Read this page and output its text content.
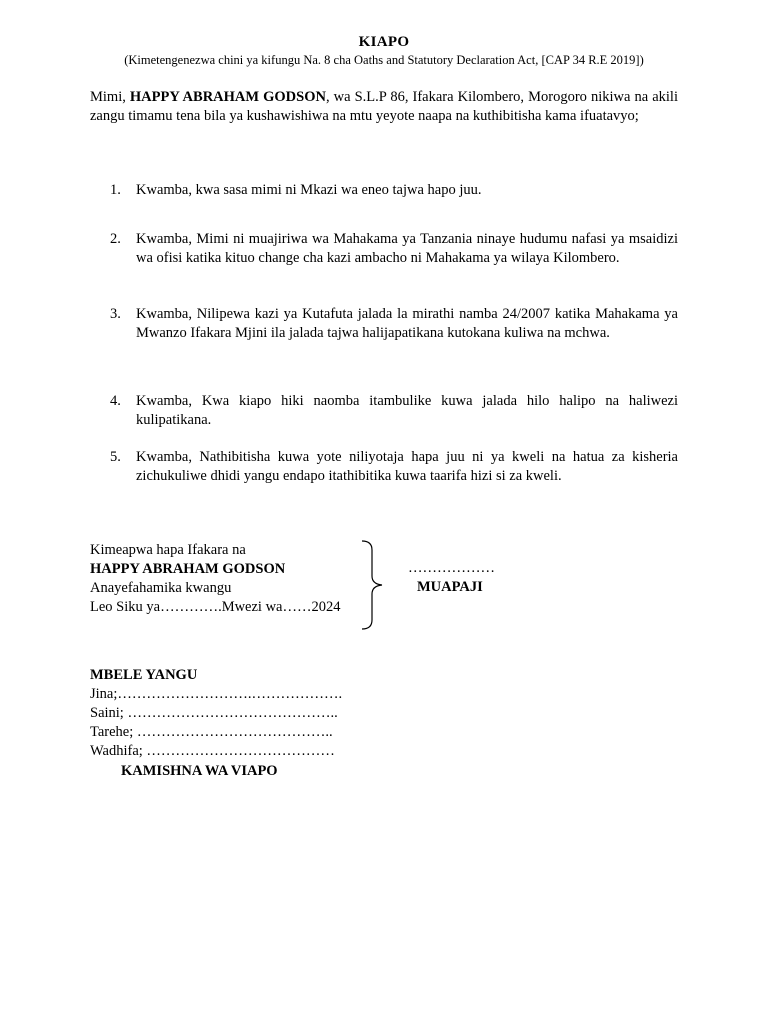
KIAPO
(Kimetengenezwa chini ya kifungu Na. 8 cha Oaths and Statutory Declaration Act, [CAP 34 R.E 2019])
Mimi, HAPPY ABRAHAM GODSON, wa S.L.P 86, Ifakara Kilombero, Morogoro nikiwa na akili zangu timamu tena bila ya kushawishiwa na mtu yeyote naapa na kuthibitisha kama ifuatavyo;
1.	Kwamba, kwa sasa mimi ni Mkazi wa eneo tajwa hapo juu.
2.	Kwamba, Mimi ni muajiriwa wa Mahakama ya Tanzania ninaye hudumu nafasi ya msaidizi wa ofisi katika kituo change cha kazi ambacho ni Mahakama ya wilaya Kilombero.
3.	Kwamba, Nilipewa kazi ya Kutafuta jalada la mirathi namba 24/2007 katika Mahakama ya Mwanzo Ifakara Mjini ila jalada tajwa halijapatikana kutokana kuliwa na mchwa.
4.	Kwamba, Kwa kiapo hiki naomba itambulike kuwa jalada hilo halipo na haliwezi kulipatikana.
5.	Kwamba, Nathibitisha kuwa yote niliyotaja hapa juu ni ya kweli na hatua za kisheria zichukuliwe dhidi yangu endapo itathibitika kuwa taarifa hizi si za kweli.
Kimeapwa hapa Ifakara na
HAPPY ABRAHAM GODSON
Anayefahamika kwangu
Leo Siku ya………….Mwezi wa……2024
………………
MUAPAJI
MBELE YANGU
Jina;……………………….……………….
Saini; ……………………………………..
Tarehe; …………………………………..
Wadhifa; …………………………………
KAMISHNA WA VIAPO
